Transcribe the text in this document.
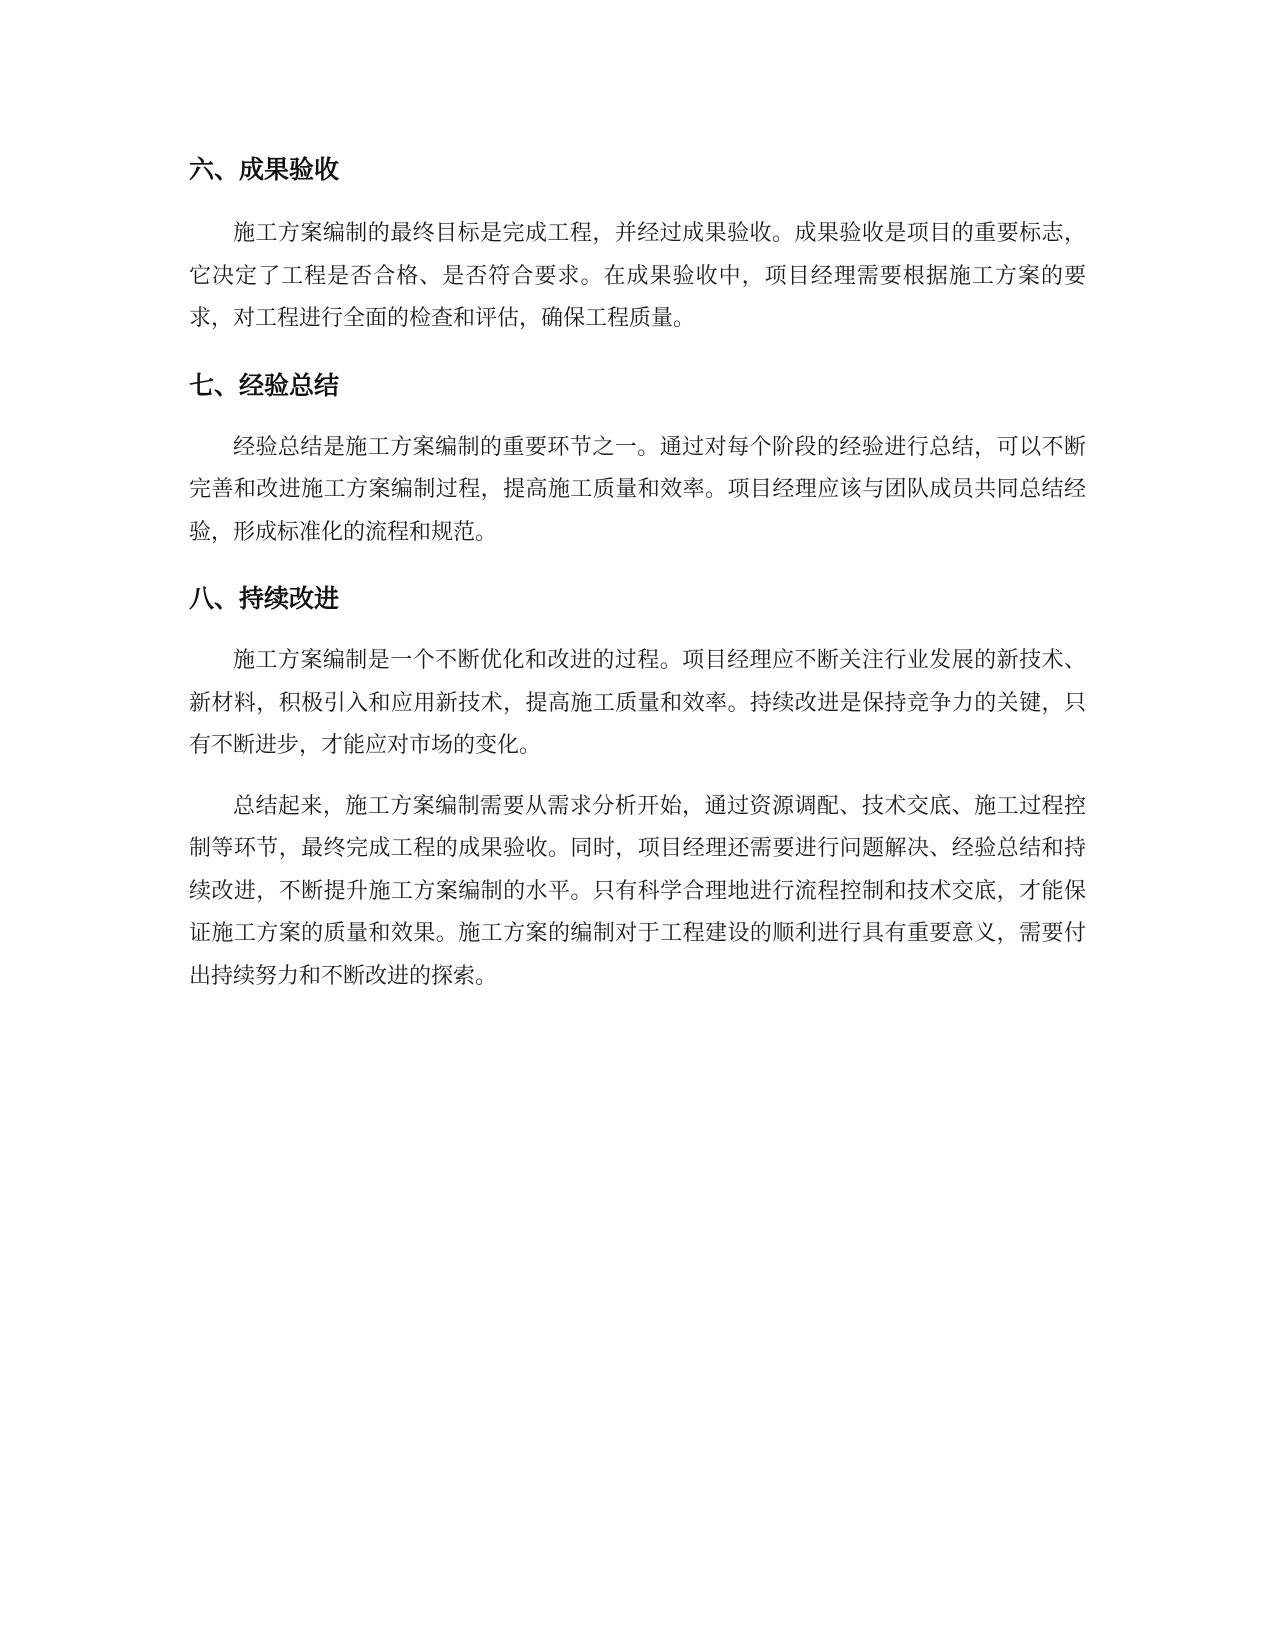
六、成果验收

施工方案编制的最终目标是完成工程，并经过成果验收。成果验收是项目的重要标志，它决定了工程是否合格、是否符合要求。在成果验收中，项目经理需要根据施工方案的要求，对工程进行全面的检查和评估，确保工程质量。

七、经验总结

经验总结是施工方案编制的重要环节之一。通过对每个阶段的经验进行总结，可以不断完善和改进施工方案编制过程，提高施工质量和效率。项目经理应该与团队成员共同总结经验，形成标准化的流程和规范。

八、持续改进

施工方案编制是一个不断优化和改进的过程。项目经理应不断关注行业发展的新技术、新材料，积极引入和应用新技术，提高施工质量和效率。持续改进是保持竞争力的关键，只有不断进步，才能应对市场的变化。

总结起来，施工方案编制需要从需求分析开始，通过资源调配、技术交底、施工过程控制等环节，最终完成工程的成果验收。同时，项目经理还需要进行问题解决、经验总结和持续改进，不断提升施工方案编制的水平。只有科学合理地进行流程控制和技术交底，才能保证施工方案的质量和效果。施工方案的编制对于工程建设的顺利进行具有重要意义，需要付出持续努力和不断改进的探索。
